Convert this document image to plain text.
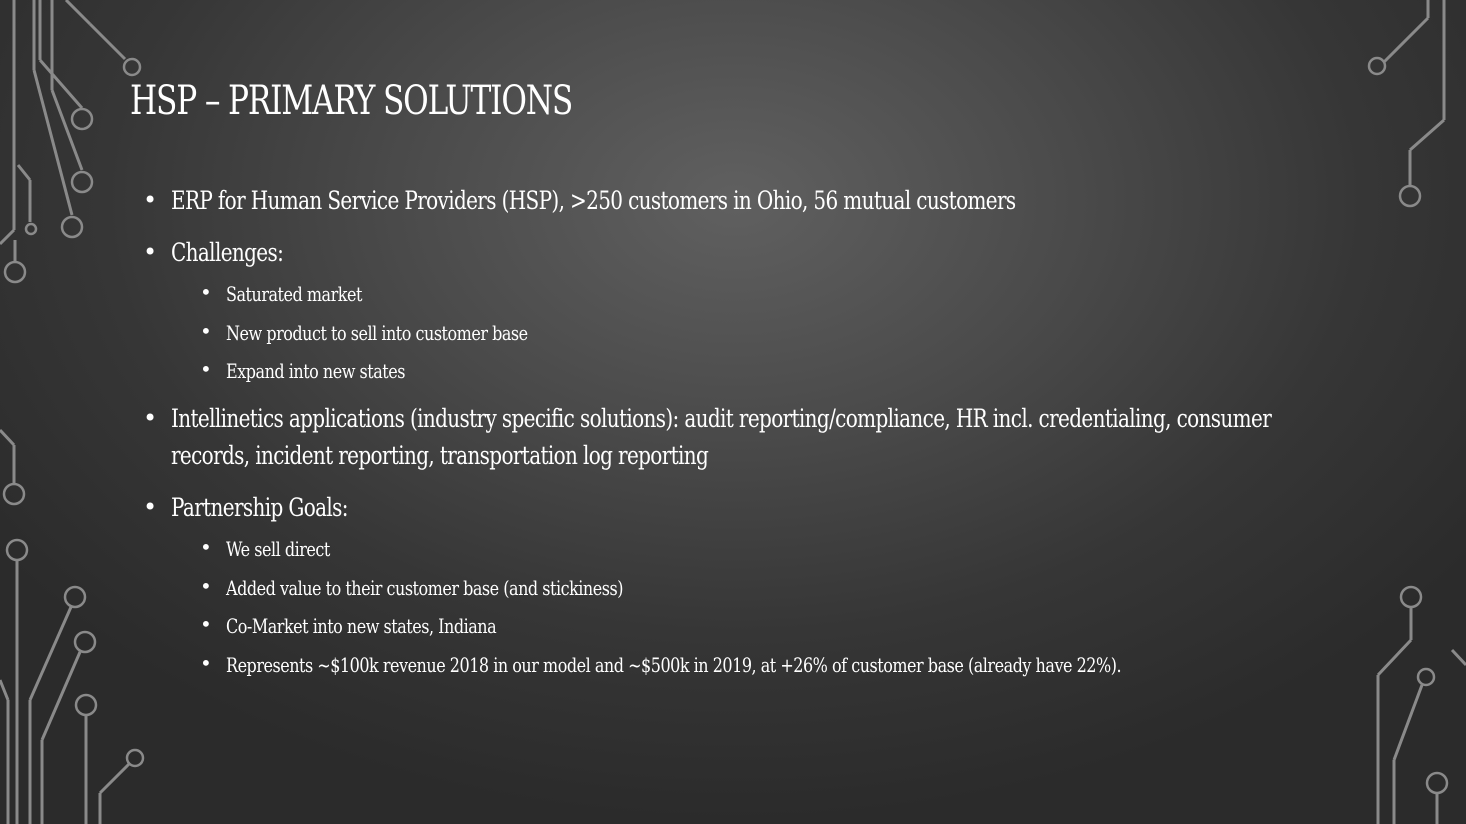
HSP – PRIMARY SOLUTIONS
• ERP for Human Service Providers (HSP), >250 customers in Ohio, 56 mutual customers
• Challenges:
• Saturated market
• New product to sell into customer base
• Expand into new states
• Intellinetics applications (industry specific solutions): audit reporting/compliance, HR incl. credentialing, consumer records, incident reporting, transportation log reporting
• Partnership Goals:
• We sell direct
• Added value to their customer base (and stickiness)
• Co-Market into new states, Indiana
• Represents ~$100k revenue 2018 in our model and ~$500k in 2019, at +26% of customer base (already have 22%).
